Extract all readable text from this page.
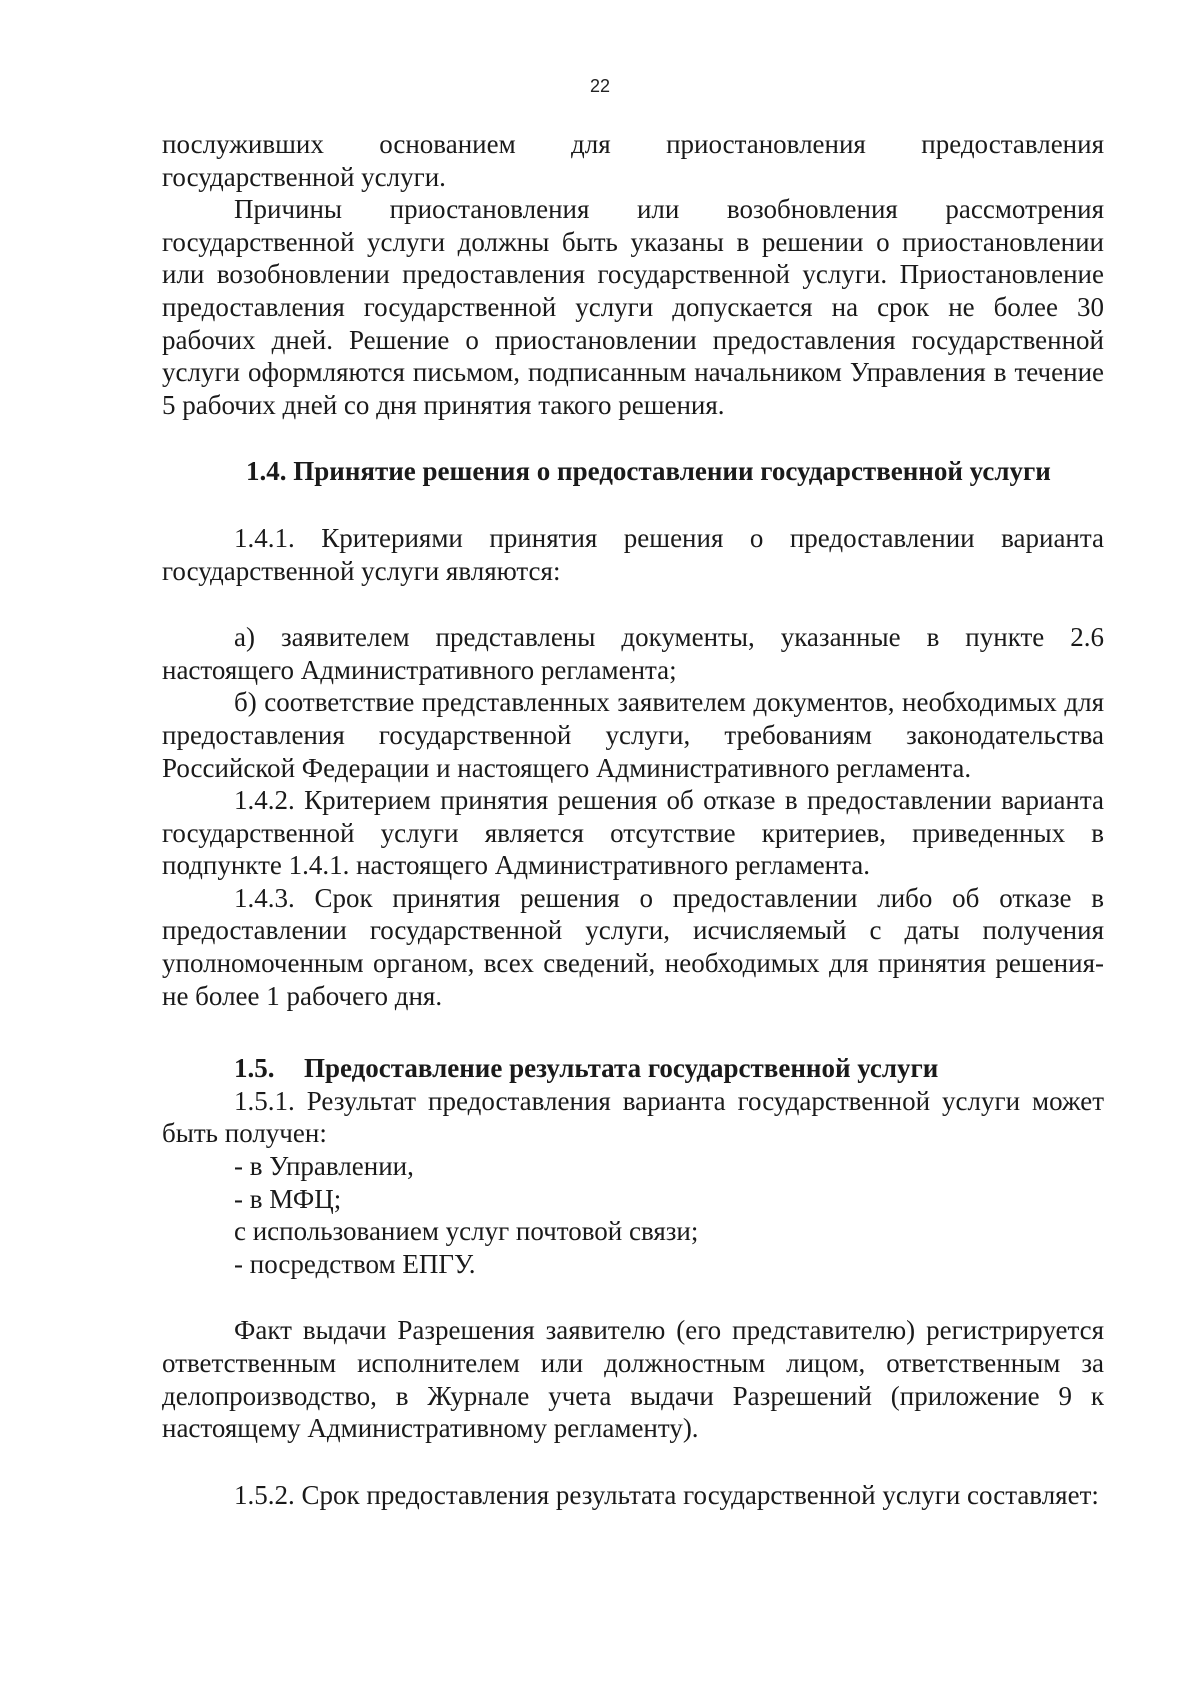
22

послуживших основанием для приостановления предоставления государственной услуги.

Причины приостановления или возобновления рассмотрения государственной услуги должны быть указаны в решении о приостановлении или возобновлении предоставления государственной услуги. Приостановление предоставления государственной услуги допускается на срок не более 30 рабочих дней. Решение о приостановлении предоставления государственной услуги оформляются письмом, подписанным начальником Управления в течение 5 рабочих дней со дня принятия такого решения.

1.4. Принятие решения о предоставлении государственной услуги

1.4.1. Критериями принятия решения о предоставлении варианта государственной услуги являются:

а) заявителем представлены документы, указанные в пункте 2.6 настоящего Административного регламента;

б) соответствие представленных заявителем документов, необходимых для предоставления государственной услуги, требованиям законодательства Российской Федерации и настоящего Административного регламента.

1.4.2. Критерием принятия решения об отказе в предоставлении варианта государственной услуги является отсутствие критериев, приведенных в подпункте 1.4.1. настоящего Административного регламента.

1.4.3. Срок принятия решения о предоставлении либо об отказе в предоставлении государственной услуги, исчисляемый с даты получения уполномоченным органом, всех сведений, необходимых для принятия решения-не более 1 рабочего дня.

1.5. Предоставление результата государственной услуги

1.5.1. Результат предоставления варианта государственной услуги может быть получен:

- в Управлении,

- в МФЦ;

с использованием услуг почтовой связи;

- посредством ЕПГУ.

Факт выдачи Разрешения заявителю (его представителю) регистрируется ответственным исполнителем или должностным лицом, ответственным за делопроизводство, в Журнале учета выдачи Разрешений (приложение 9 к настоящему Административному регламенту).

1.5.2. Срок предоставления результата государственной услуги составляет:
